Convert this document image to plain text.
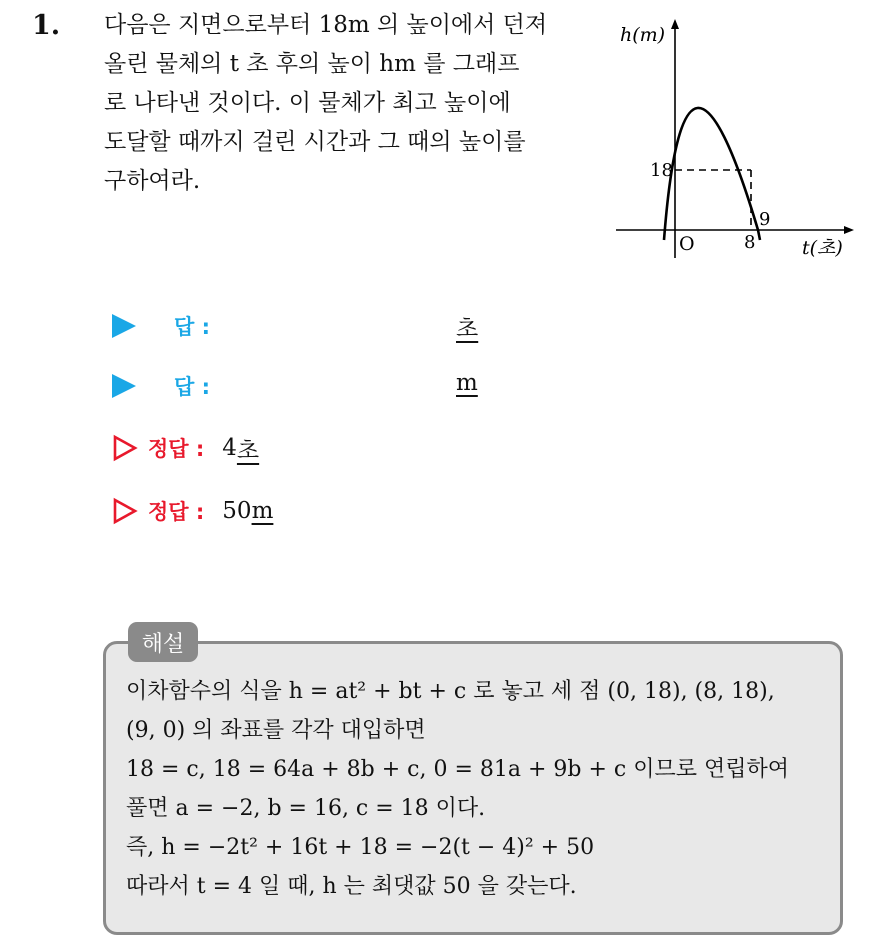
1. 다음은 지면으로부터 18m 의 높이에서 던져
올린 물체의 t 초 후의 높이 hm 를 그래프
로 나타낸 것이다. 이 물체가 최고 높이에
도달할 때까지 걸린 시간과 그 때의 높이를
구하여라.
h(m)
18
O	8
9
t(초)
답 :	초
답 :	m
정답 : 4 초
정답 : 50 m
해설
이차함수의 식을 h = at² + bt + c 로 놓고 세 점 (0, 18), (8, 18),
(9, 0) 의 좌표를 각각 대입하면
18 = c, 18 = 64a + 8b + c, 0 = 81a + 9b + c 이므로 연립하여
풀면 a = −2, b = 16, c = 18 이다.
즉, h = −2t² + 16t + 18 = −2(t − 4)² + 50
따라서 t = 4 일 때, h 는 최댓값 50 을 갖는다.
